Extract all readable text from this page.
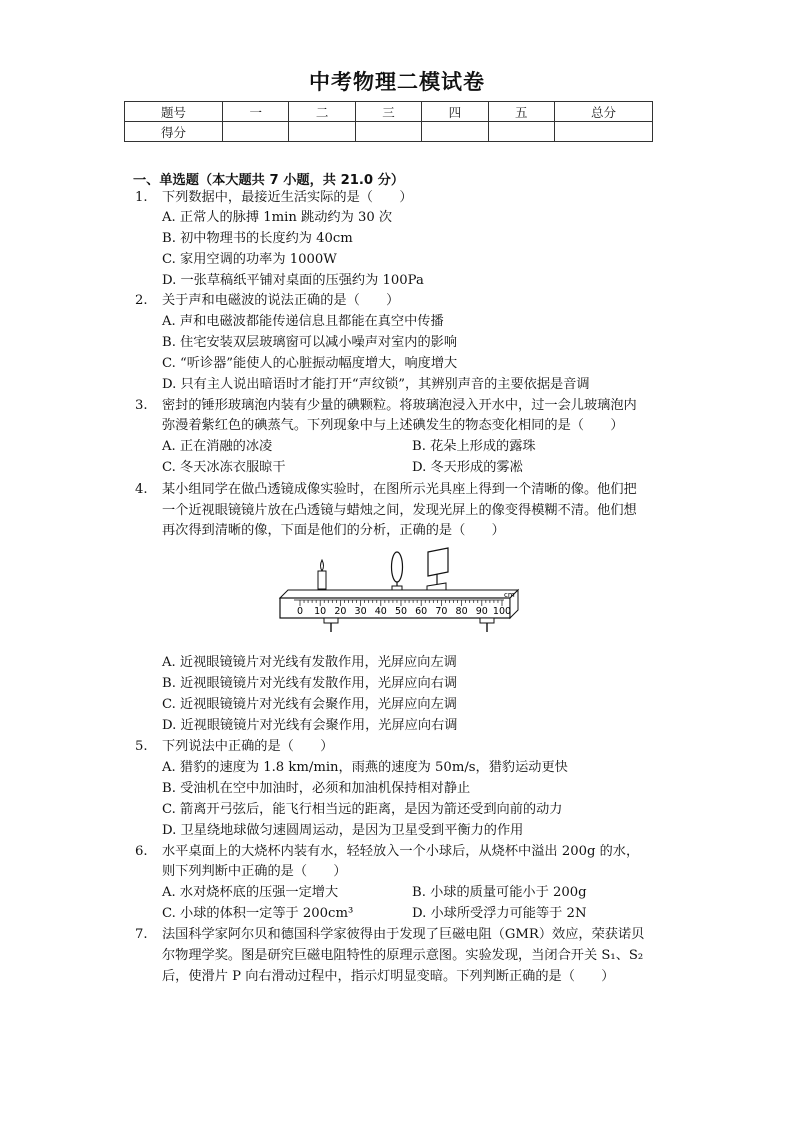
中考物理二模试卷
题号	一	二	三	四	五	总分
得分						
一、单选题（本大题共 7 小题，共 21.0 分）
1. 下列数据中，最接近生活实际的是（　　）
A. 正常人的脉搏 1min 跳动约为 30 次
B. 初中物理书的长度约为 40cm
C. 家用空调的功率为 1000W
D. 一张草稿纸平铺对桌面的压强约为 100Pa
2. 关于声和电磁波的说法正确的是（　　）
A. 声和电磁波都能传递信息且都能在真空中传播
B. 住宅安装双层玻璃窗可以减小噪声对室内的影响
C. “听诊器”能使人的心脏振动幅度增大，响度增大
D. 只有主人说出暗语时才能打开“声纹锁”，其辨别声音的主要依据是音调
3. 密封的锤形玻璃泡内装有少量的碘颗粒。将玻璃泡浸入开水中，过一会儿玻璃泡内
弥漫着紫红色的碘蒸气。下列现象中与上述碘发生的物态变化相同的是（　　）
A. 正在消融的冰凌	B. 花朵上形成的露珠
C. 冬天冰冻衣服晾干	D. 冬天形成的雾凇
4. 某小组同学在做凸透镜成像实验时，在图所示光具座上得到一个清晰的像。他们把
一个近视眼镜镜片放在凸透镜与蜡烛之间，发现光屏上的像变得模糊不清。他们想
再次得到清晰的像，下面是他们的分析，正确的是（　　）
0 10 20 30 40 50 60 70 80 90 100
cm
A. 近视眼镜镜片对光线有发散作用，光屏应向左调
B. 近视眼镜镜片对光线有发散作用，光屏应向右调
C. 近视眼镜镜片对光线有会聚作用，光屏应向左调
D. 近视眼镜镜片对光线有会聚作用，光屏应向右调
5. 下列说法中正确的是（　　）
A. 猎豹的速度为 1.8 km/min，雨燕的速度为 50m/s，猎豹运动更快
B. 受油机在空中加油时，必须和加油机保持相对静止
C. 箭离开弓弦后，能飞行相当远的距离，是因为箭还受到向前的动力
D. 卫星绕地球做匀速圆周运动，是因为卫星受到平衡力的作用
6. 水平桌面上的大烧杯内装有水，轻轻放入一个小球后，从烧杯中溢出 200g 的水，
则下列判断中正确的是（　　）
A. 水对烧杯底的压强一定增大	B. 小球的质量可能小于 200g
C. 小球的体积一定等于 200cm³	D. 小球所受浮力可能等于 2N
7. 法国科学家阿尔贝和德国科学家彼得由于发现了巨磁电阻（GMR）效应，荣获诺贝
尔物理学奖。图是研究巨磁电阻特性的原理示意图。实验发现，当闭合开关 S₁、S₂
后，使滑片 P 向右滑动过程中，指示灯明显变暗。下列判断正确的是（　　）
